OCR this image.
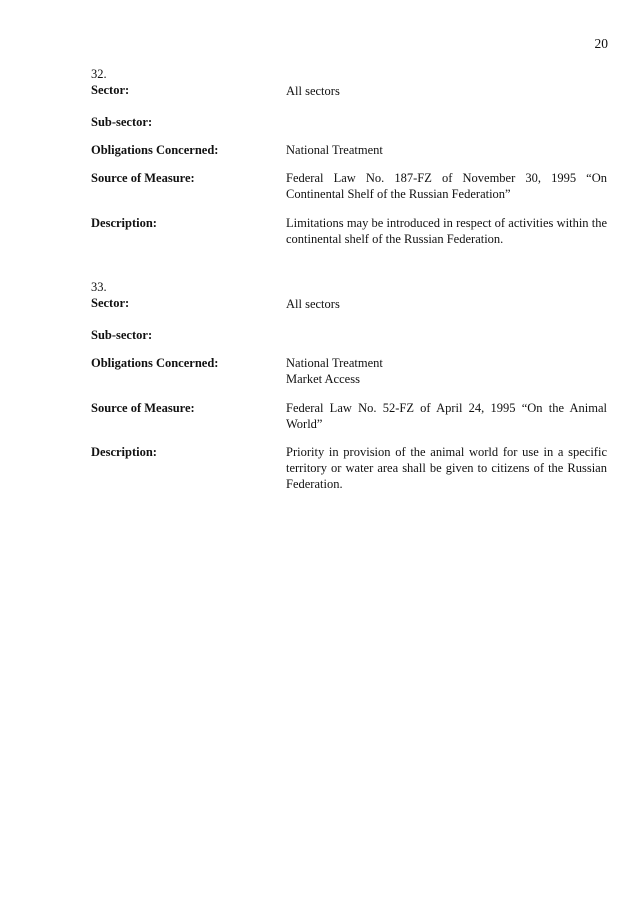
20
32.
Sector:	All sectors
Sub-sector:
Obligations Concerned:	National Treatment
Source of Measure:	Federal Law No. 187-FZ of November 30, 1995 “On Continental Shelf of the Russian Federation”
Description:	Limitations may be introduced in respect of activities within the continental shelf of the Russian Federation.
33.
Sector:	All sectors
Sub-sector:
Obligations Concerned:	National Treatment
Market Access
Source of Measure:	Federal Law No. 52-FZ of April 24, 1995 “On the Animal World”
Description:	Priority in provision of the animal world for use in a specific territory or water area shall be given to citizens of the Russian Federation.
